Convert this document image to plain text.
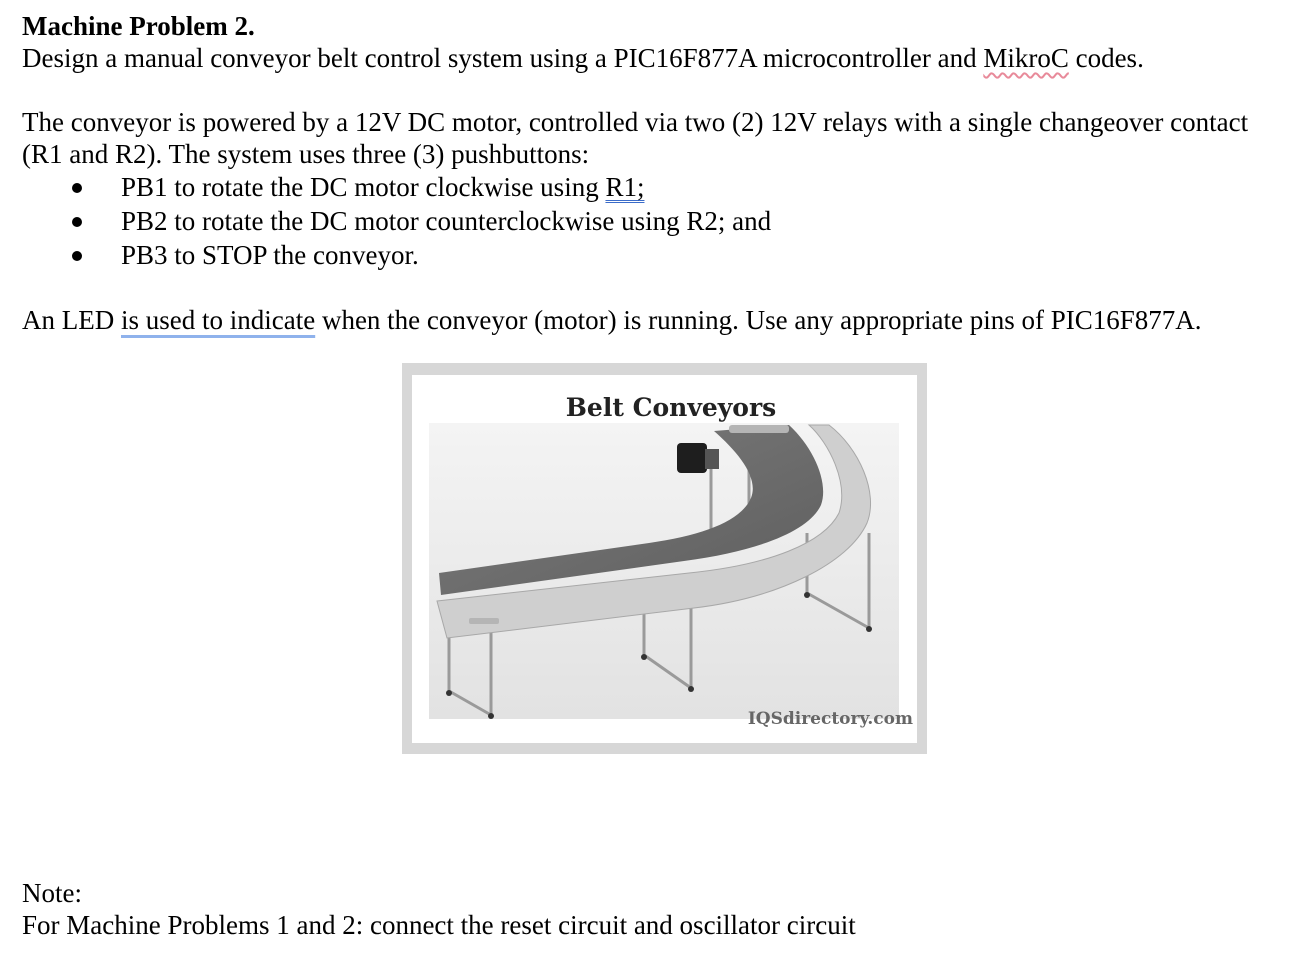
Machine Problem 2.
Design a manual conveyor belt control system using a PIC16F877A microcontroller and MikroC codes.
The conveyor is powered by a 12V DC motor, controlled via two (2) 12V relays with a single changeover contact
(R1 and R2). The system uses three (3) pushbuttons:
PB1 to rotate the DC motor clockwise using R1;
PB2 to rotate the DC motor counterclockwise using R2; and
PB3 to STOP the conveyor.
An LED is used to indicate when the conveyor (motor) is running. Use any appropriate pins of PIC16F877A.
Belt Conveyors
IQSdirectory.com
Note:
For Machine Problems 1 and 2: connect the reset circuit and oscillator circuit
